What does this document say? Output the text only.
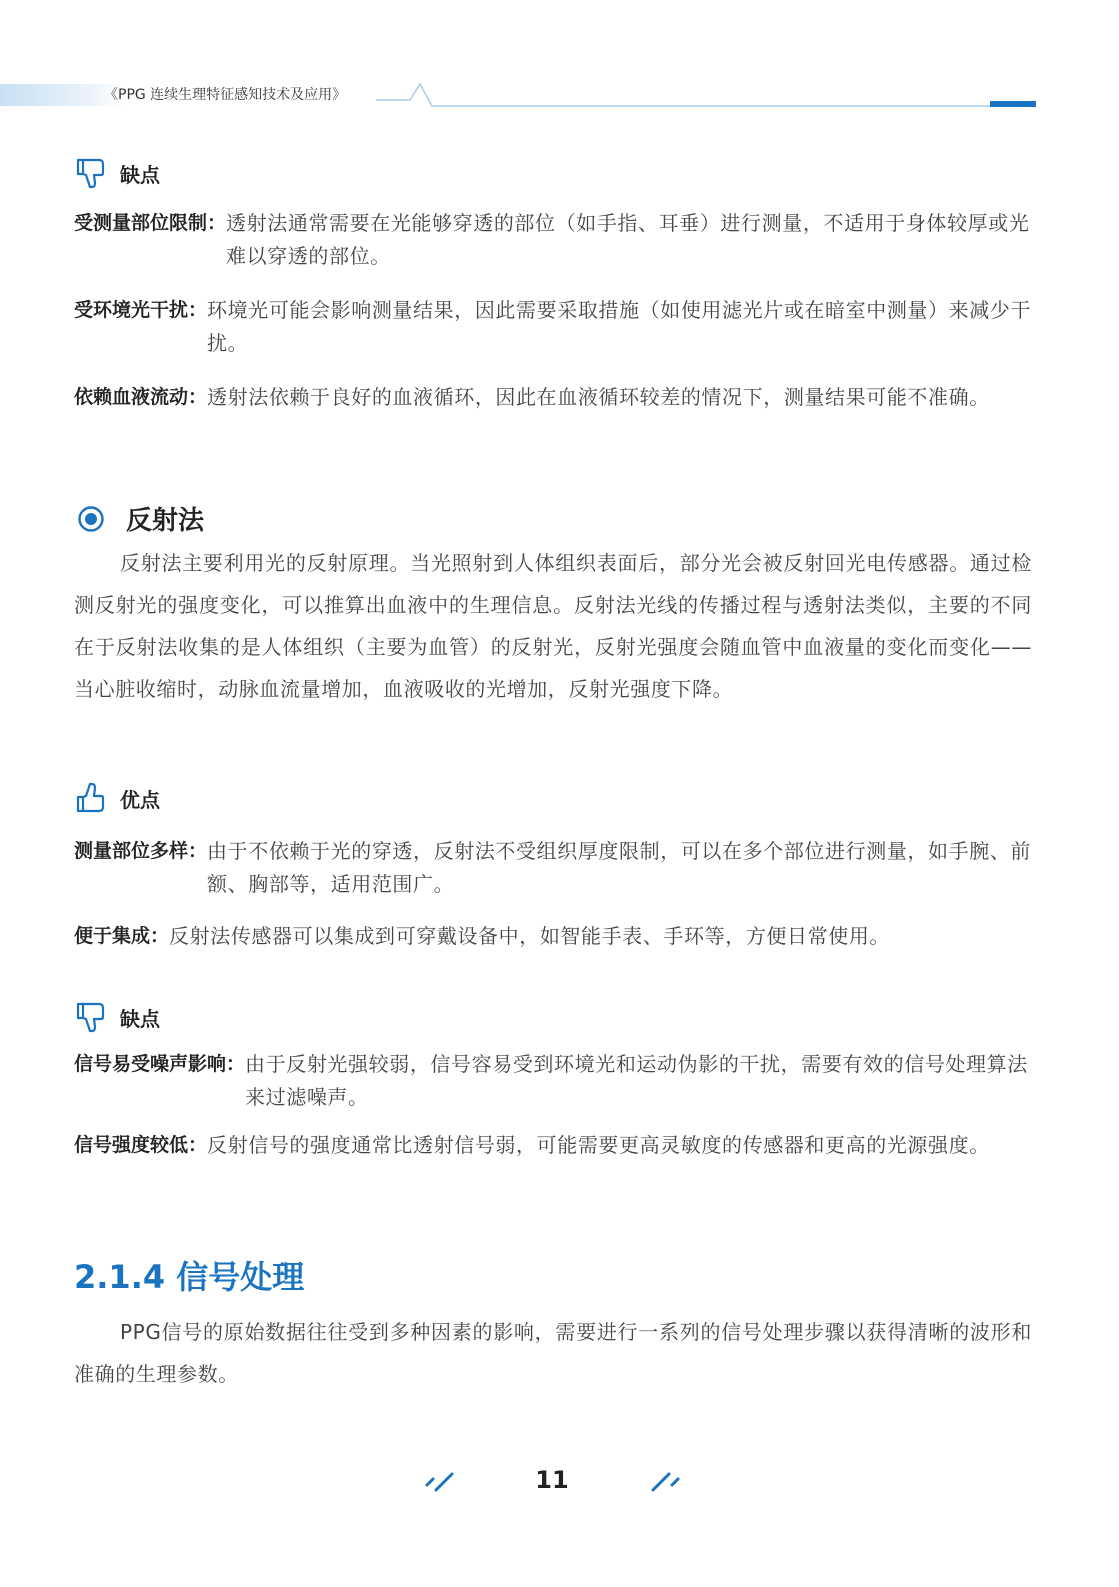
《PPG 连续生理特征感知技术及应用》
缺点
受测量部位限制： 透射法通常需要在光能够穿透的部位（如手指、耳垂）进行测量，不适用于身体较厚或光难以穿透的部位。
受环境光干扰： 环境光可能会影响测量结果，因此需要采取措施（如使用滤光片或在暗室中测量）来减少干扰。
依赖血液流动： 透射法依赖于良好的血液循环，因此在血液循环较差的情况下，测量结果可能不准确。
反射法
反射法主要利用光的反射原理。当光照射到人体组织表面后，部分光会被反射回光电传感器。通过检测反射光的强度变化，可以推算出血液中的生理信息。反射法光线的传播过程与透射法类似，主要的不同在于反射法收集的是人体组织（主要为血管）的反射光，反射光强度会随血管中血液量的变化而变化——当心脏收缩时，动脉血流量增加，血液吸收的光增加，反射光强度下降。
优点
测量部位多样： 由于不依赖于光的穿透，反射法不受组织厚度限制，可以在多个部位进行测量，如手腕、前额、胸部等，适用范围广。
便于集成： 反射法传感器可以集成到可穿戴设备中，如智能手表、手环等，方便日常使用。
缺点
信号易受噪声影响： 由于反射光强较弱，信号容易受到环境光和运动伪影的干扰，需要有效的信号处理算法来过滤噪声。
信号强度较低： 反射信号的强度通常比透射信号弱，可能需要更高灵敏度的传感器和更高的光源强度。
2.1.4 信号处理
PPG信号的原始数据往往受到多种因素的影响，需要进行一系列的信号处理步骤以获得清晰的波形和准确的生理参数。
11
